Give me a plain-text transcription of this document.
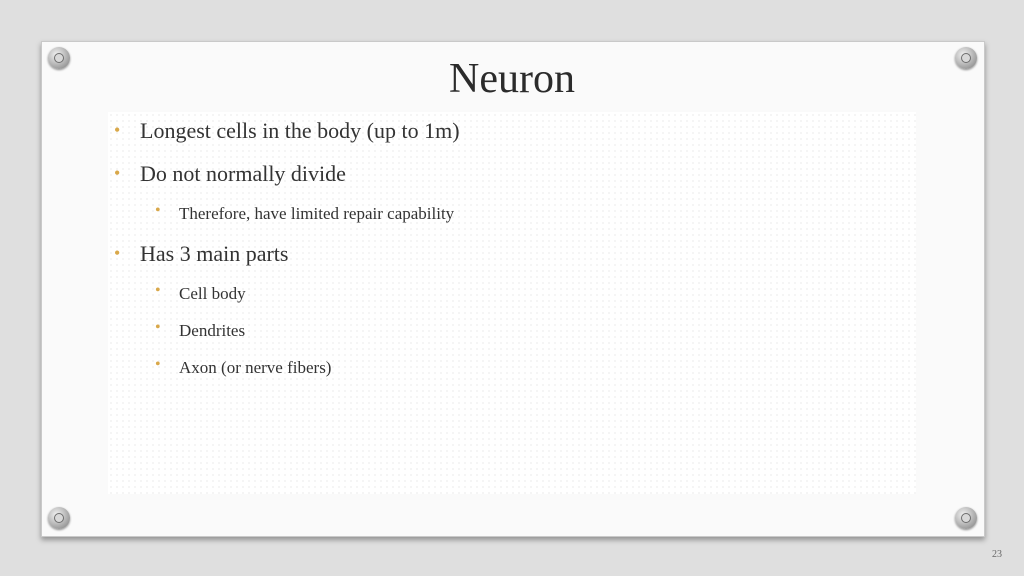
Neuron
• Longest cells in the body (up to 1m)
• Do not normally divide
• Therefore, have limited repair capability
• Has 3 main parts
• Cell body
• Dendrites
• Axon (or nerve fibers)
23
